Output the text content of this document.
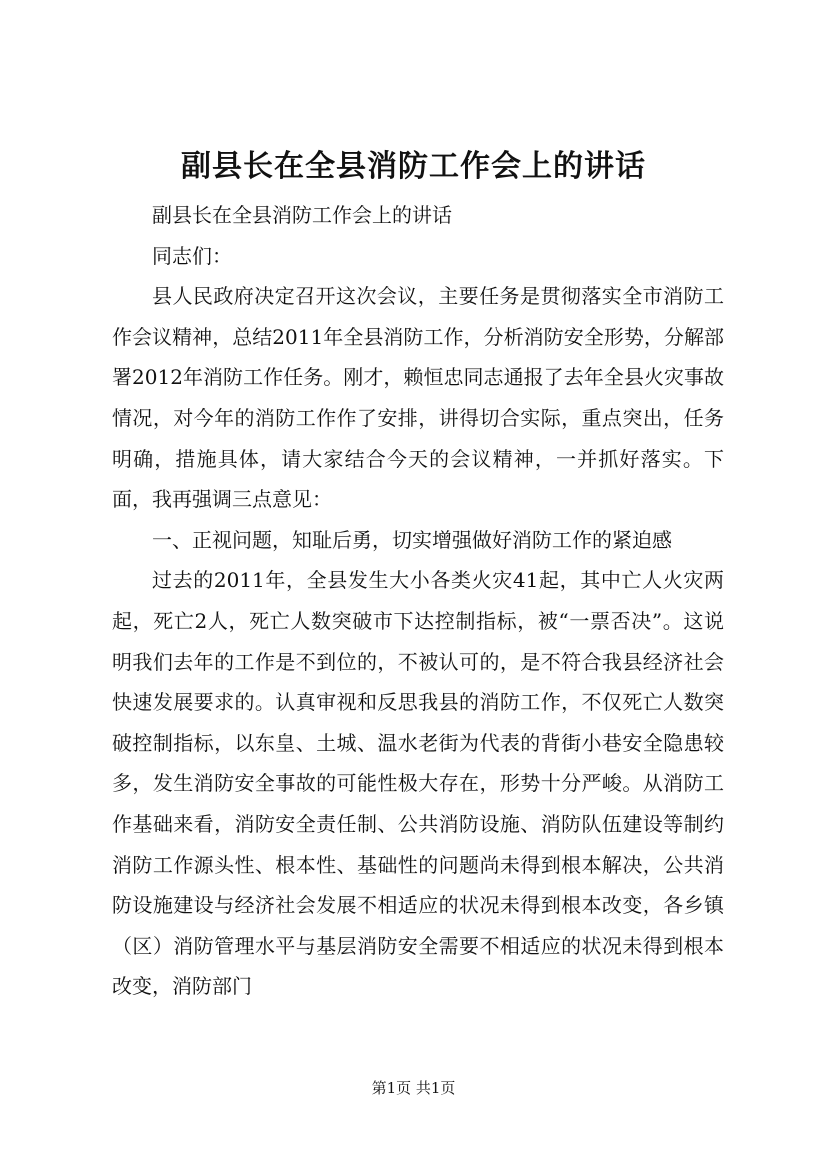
副县长在全县消防工作会上的讲话

副县长在全县消防工作会上的讲话

同志们：

县人民政府决定召开这次会议，主要任务是贯彻落实全市消防工作会议精神，总结2011年全县消防工作，分析消防安全形势，分解部署2012年消防工作任务。刚才，赖恒忠同志通报了去年全县火灾事故情况，对今年的消防工作作了安排，讲得切合实际，重点突出，任务明确，措施具体，请大家结合今天的会议精神，一并抓好落实。下面，我再强调三点意见：

一、正视问题，知耻后勇，切实增强做好消防工作的紧迫感

过去的2011年，全县发生大小各类火灾41起，其中亡人火灾两起，死亡2人，死亡人数突破市下达控制指标，被“一票否决”。这说明我们去年的工作是不到位的，不被认可的，是不符合我县经济社会快速发展要求的。认真审视和反思我县的消防工作，不仅死亡人数突破控制指标，以东皇、土城、温水老街为代表的背街小巷安全隐患较多，发生消防安全事故的可能性极大存在，形势十分严峻。从消防工作基础来看，消防安全责任制、公共消防设施、消防队伍建设等制约消防工作源头性、根本性、基础性的问题尚未得到根本解决，公共消防设施建设与经济社会发展不相适应的状况未得到根本改变，各乡镇（区）消防管理水平与基层消防安全需要不相适应的状况未得到根本改变，消防部门

第1页 共1页
